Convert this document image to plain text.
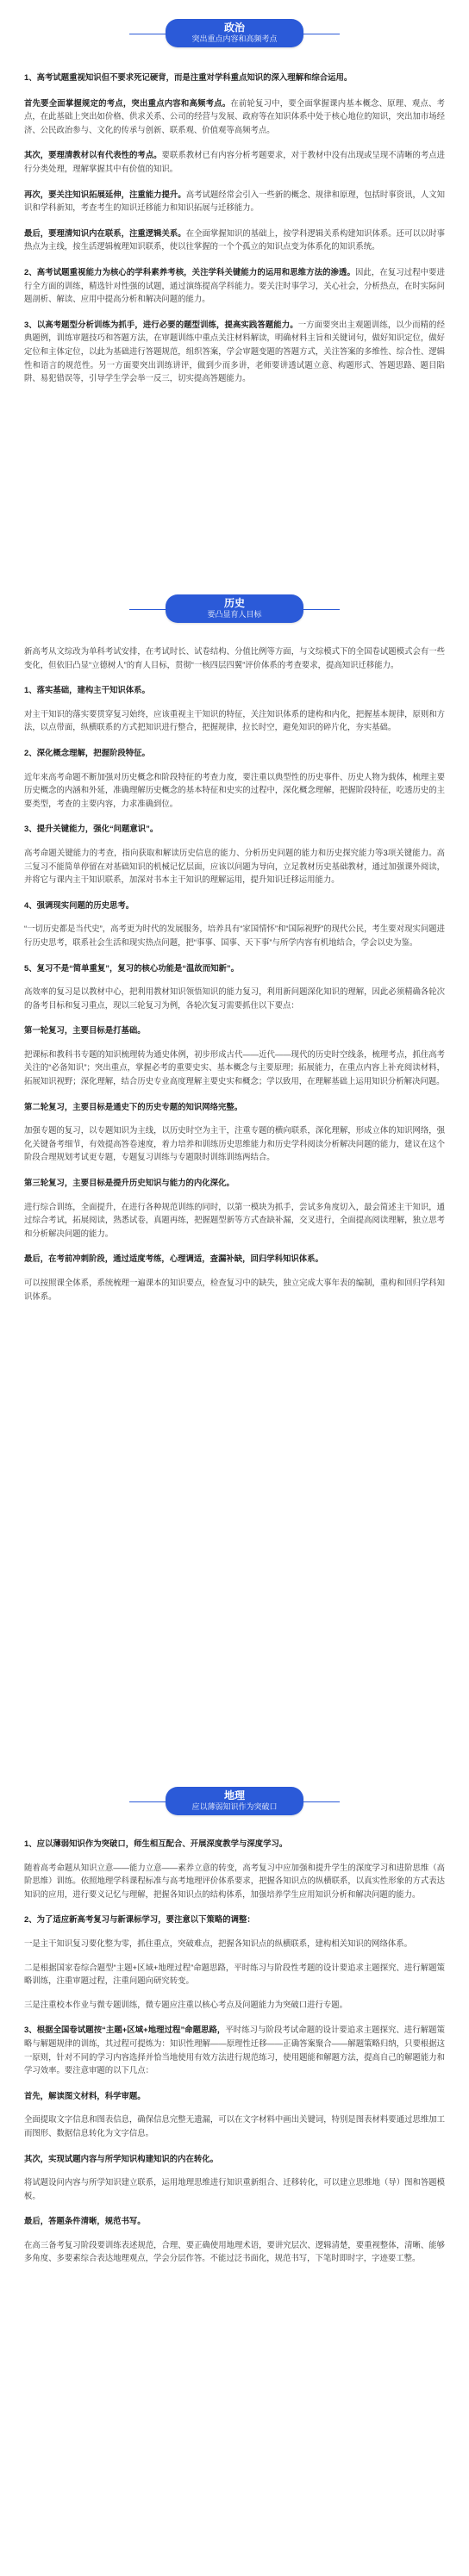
政治
突出重点内容和高频考点

1、高考试题重视知识但不要求死记硬背，而是注重对学科重点知识的深入理解和综合运用。

首先要全面掌握规定的考点，突出重点内容和高频考点。在前轮复习中，要全面掌握课内基本概念、原理、观点、考点，在此基础上突出如价格、供求关系、公司的经营与发展、政府等在知识体系中处于核心地位的知识，突出加市场经济、公民政治参与、文化的传承与创新、联系观、价值观等高频考点。

其次，要理清教材以有代表性的考点。要联系教材已有内容分析考题要求，对于教材中没有出现或呈现不清晰的考点进行分类处理，理解掌握其中有价值的知识。

再次，要关注知识拓展延伸，注重能力提升。高考试题经常会引入一些新的概念、规律和原理，包括时事资讯，人文知识和学科新知，考查考生的知识迁移能力和知识拓展与迁移能力。

最后，要理清知识内在联系，注重逻辑关系。在全面掌握知识的基础上，按学科逻辑关系构建知识体系。还可以以时事热点为主线，按生活逻辑梳理知识联系，使以往掌握的一个个孤立的知识点变为体系化的知识系统。

2、高考试题重视能力为核心的学科素养考核，关注学科关键能力的运用和思维方法的渗透。因此，在复习过程中要进行全方面的训练，精选针对性强的试题，通过演练提高学科能力。要关注时事学习，关心社会，分析热点，在时实际问题剖析、解读、应用中提高分析和解决问题的能力。

3、以高考题型分析训练为抓手，进行必要的题型训练，提高实践答题能力。一方面要突出主观题训练，以少而精的经典题例，训练审题技巧和答题方法，在审题训练中重点关注材料解读，明确材料主旨和关键词句，做好知识定位，做好定位和主体定位，以此为基础进行答题规范，组织答案，学会审题变题的答题方式，关注答案的多维性、综合性、逻辑性和语言的规范性。另一方面要突出训练讲评，做到少而多讲，老师要讲透试题立意、构题形式、答题思路、题目陷阱、易犯错误等，引导学生学会举一反三，切实提高答题能力。

历史
要凸显育人目标

新高考从文综改为单科考试安排，在考试时长、试卷结构、分值比例等方面，与文综模式下的全国卷试题模式会有一些变化，但依旧凸显“立德树人”的育人目标，贯彻“一核四层四翼”评价体系的考查要求，提高知识迁移能力。

1、落实基础，建构主干知识体系。

对主干知识的落实要贯穿复习始终，应该重视主干知识的特征，关注知识体系的建构和内化，把握基本规律，原则和方法，以点带面，纵横联系的方式把知识进行整合，把握规律，拉长时空，避免知识的碎片化，夯实基础。

2、深化概念理解，把握阶段特征。

近年来高考命题不断加强对历史概念和阶段特征的考查力度，要注重以典型性的历史事件、历史人物为载体，梳理主要历史概念的内涵和外延，准确理解历史概念的基本特征和史实的过程中，深化概念理解，把握阶段特征，吃透历史的主要类型，考查的主要内容，力求准确到位。

3、提升关键能力，强化“问题意识”。

高考命题关键能力的考查，指向获取和解读历史信息的能力、分析历史问题的能力和历史探究能力等3项关键能力。高三复习不能简单停留在对基础知识的机械记忆层面，应该以问题为导向，立足教材历史基础教材，通过加强课外阅读，并将它与课内主干知识联系，加深对书本主干知识的理解运用，提升知识迁移运用能力。

4、强调现实问题的历史思考。

“一切历史都是当代史”，高考更为时代的发展服务，培养具有“家国情怀”和“国际视野”的现代公民，考生要对现实问题进行历史思考，联系社会生活和现实热点问题，把“事事、国事、天下事”与所学内容有机地结合，学会以史为鉴。

5、复习不是“简单重复”，复习的核心功能是“温故而知新”。

高效率的复习是以教材中心，把利用教材知识领悟知识的能力复习，利用新问题深化知识的理解，因此必须精确各轮次的备考目标和复习重点，现以三轮复习为例，各轮次复习需要抓住以下要点：

第一轮复习，主要目标是打基础。

把课标和教科书专题的知识梳理转为通史体例，初步形成古代——近代——现代的历史时空线条，梳理考点，抓住高考关注的“必备知识”；突出重点，掌握必考的重要史实、基本概念与主要原理；拓展能力，在重点内容上补充阅读材料，拓展知识视野；深化理解，结合历史专业高度理解主要史实和概念；学以致用，在理解基础上运用知识分析解决问题。

第二轮复习，主要目标是通史下的历史专题的知识网络完整。

加强专题的复习，以专题知识为主线，以历史时空为主干，注重专题的横向联系，深化理解，形成立体的知识网络，强化关键备考细节，有效提高答卷速度，着力培养和训练历史思维能力和历史学科阅读分析解决问题的能力，建议在这个阶段合理规划考试更专题，专题复习训练与专题限时训练训练两结合。

第三轮复习，主要目标是提升历史知识与能力的内化深化。

进行综合训练，全面提升，在进行各种规范训练的同时，以第一模块为抓手，尝试多角度切入，最会简述主干知识，通过综合考试，拓展阅读，熟悉试卷，真题再练，把握题型新等方式查缺补漏，交叉进行，全面提高阅读理解，独立思考和分析解决问题的能力。

最后，在考前冲刺阶段，通过适度考练，心理调适，查漏补缺，回归学科知识体系。

可以按照课全体系，系统梳理一遍课本的知识要点，检查复习中的缺失，独立完成大事年表的编制，重构和回归学科知识体系。

地理
应以薄弱知识作为突破口

1、应以薄弱知识作为突破口，师生相互配合、开展深度教学与深度学习。

随着高考命题从知识立意——能力立意——素养立意的转变，高考复习中应加强和提升学生的深度学习和进阶思维（高阶思维）训练。依照地理学科课程标准与高考地理评价体系要求，把握各知识点的纵横联系，以真实性形象的方式表达知识的应用，进行要义记忆与理解，把握各知识点的结构体系，加强培养学生应用知识分析和解决问题的能力。

2、为了适应新高考复习与新课标学习，要注意以下策略的调整：

一是主干知识复习要化整为零，抓住重点，突破难点，把握各知识点的纵横联系，建构相关知识的网络体系。

二是根据国家卷综合题型“主题+区域+地理过程”命题思路，平时练习与阶段性考题的设计要追求主题探究、进行解题策略训练，注重审题过程，注重问题向研究转变。

三是注重校本作业与微专题训练，微专题应注重以核心考点及问题能力为突破口进行专题。

3、根据全国卷试题按“主题+区域+地理过程”命题思路，平时练习与阶段考试命题的设计要追求主题探究、进行解题策略与解题规律的训练，其过程可提炼为：知识性理解——原理性迁移——正确答案聚合——解题策略归纳，只要根据这一原则，针对不同的学习内容选择并恰当地使用有效方法进行规范练习，使用题能和解题方法，提高自己的解题能力和学习效率。要注意审题的以下几点：

首先，解读图文材料，科学审题。

全面提取文字信息和图表信息，确保信息完整无遗漏，可以在文字材料中画出关键词，特别是图表材料要通过思维加工而图形、数据信息转化为文字信息。

其次，实现试题内容与所学知识构建知识的内在转化。

将试题设问内容与所学知识建立联系，运用地理思维进行知识重新组合、迁移转化，可以建立思维地（导）图和答题模板。

最后，答题条件清晰，规范书写。

在高三备考复习阶段要训练表述规范，合理、要正确使用地理术语，要讲究层次、逻辑清楚，要重视整体，清晰、能够多角度、多要素综合表达地理观点，学会分层作答。不能过泛书面化，规范书写，下笔时即时字，字迹要工整。
